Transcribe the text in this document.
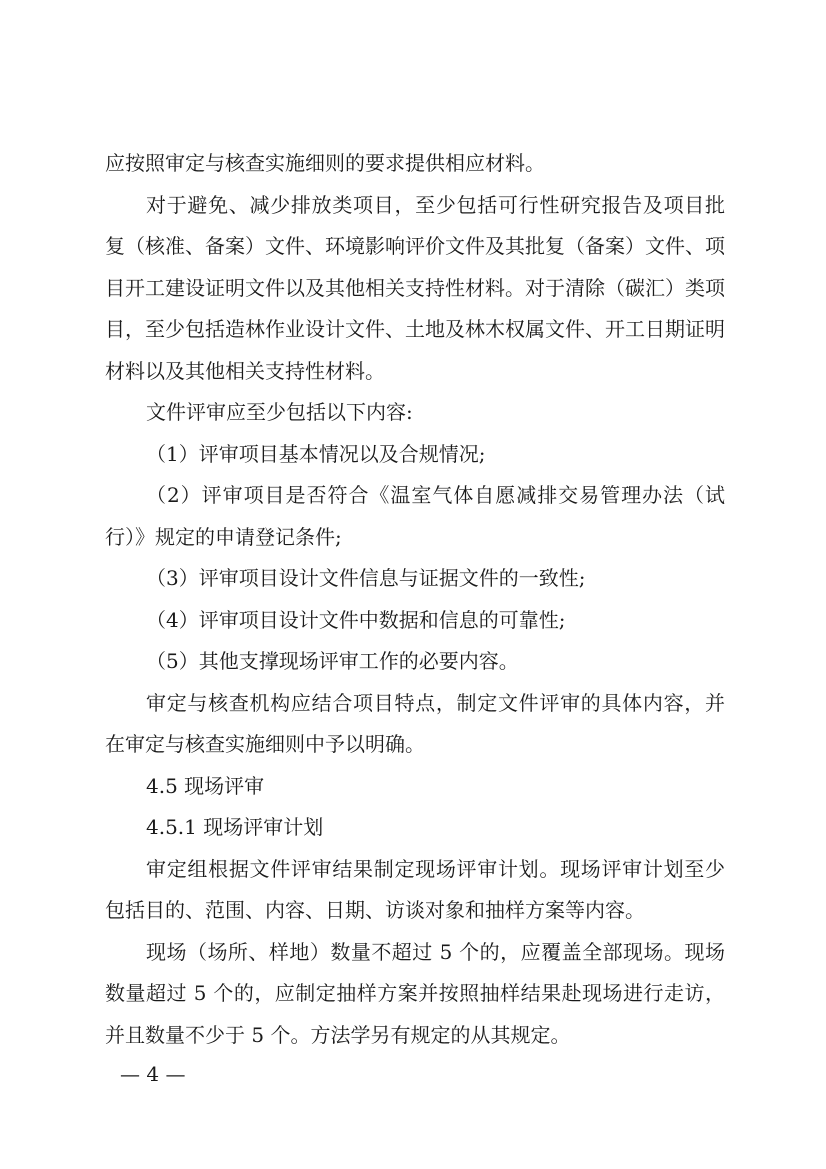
应按照审定与核查实施细则的要求提供相应材料。

对于避免、减少排放类项目，至少包括可行性研究报告及项目批复（核准、备案）文件、环境影响评价文件及其批复（备案）文件、项目开工建设证明文件以及其他相关支持性材料。对于清除（碳汇）类项目，至少包括造林作业设计文件、土地及林木权属文件、开工日期证明材料以及其他相关支持性材料。

文件评审应至少包括以下内容:

（1）评审项目基本情况以及合规情况;

（2）评审项目是否符合《温室气体自愿减排交易管理办法（试行）》规定的申请登记条件;

（3）评审项目设计文件信息与证据文件的一致性;

（4）评审项目设计文件中数据和信息的可靠性;

（5）其他支撑现场评审工作的必要内容。

审定与核查机构应结合项目特点，制定文件评审的具体内容，并在审定与核查实施细则中予以明确。

4.5 现场评审

4.5.1 现场评审计划

审定组根据文件评审结果制定现场评审计划。现场评审计划至少包括目的、范围、内容、日期、访谈对象和抽样方案等内容。

现场（场所、样地）数量不超过 5 个的，应覆盖全部现场。现场数量超过 5 个的，应制定抽样方案并按照抽样结果赴现场进行走访，并且数量不少于 5 个。方法学另有规定的从其规定。

— 4 —
